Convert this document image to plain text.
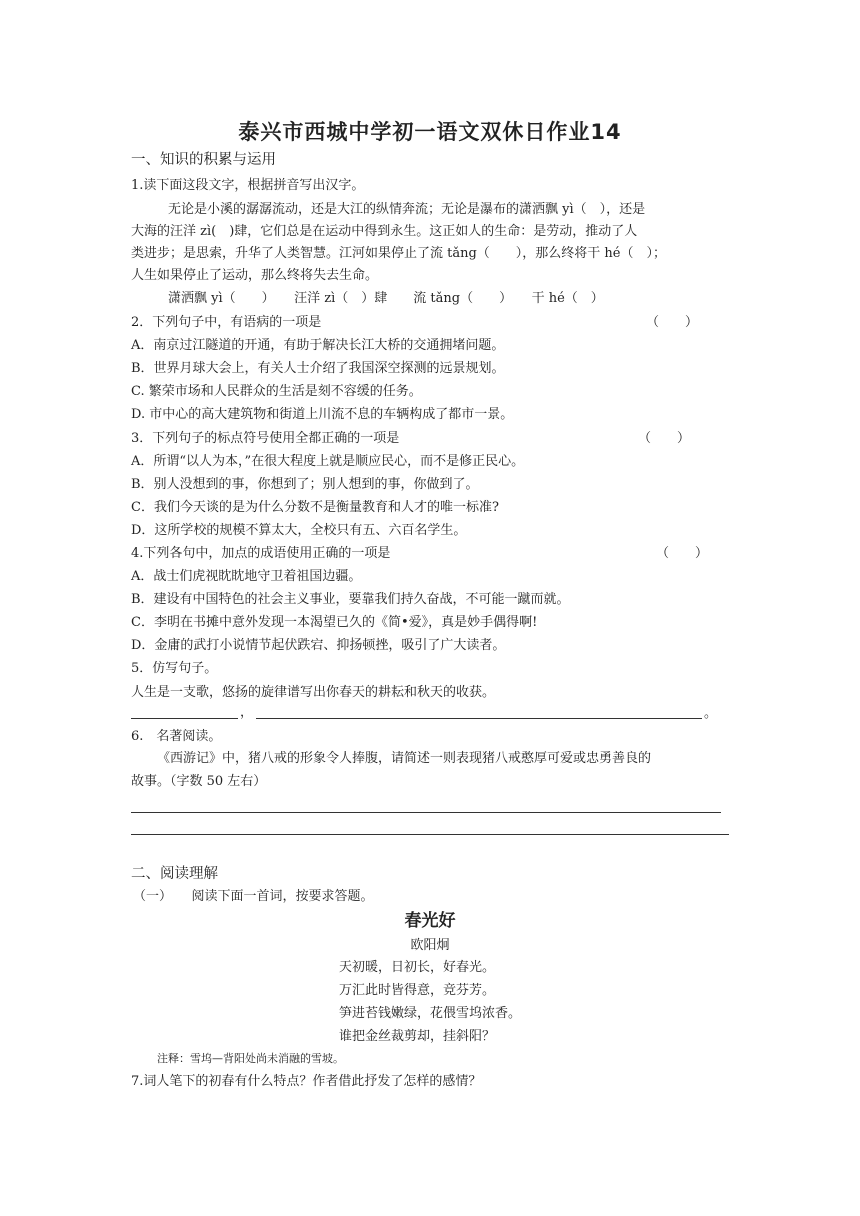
泰兴市西城中学初一语文双休日作业14
一、知识的积累与运用
1.读下面这段文字，根据拼音写出汉字。
无论是小溪的潺潺流动，还是大江的纵情奔流；无论是瀑布的潇洒飘 yì（　），还是
大海的汪洋 zì(　)肆，它们总是在运动中得到永生。这正如人的生命：是劳动，推动了人
类进步；是思索，升华了人类智慧。江河如果停止了流 tǎng（　　），那么终将干 hé（　）；
人生如果停止了运动，那么终将失去生命。
潇洒飘 yì（　　）　　汪洋 zì（　）肆　　流 tǎng（　　）　　干 hé（　）
2．下列句子中，有语病的一项是	（　　）
A．南京过江隧道的开通，有助于解决长江大桥的交通拥堵问题。
B．世界月球大会上，有关人士介绍了我国深空探测的远景规划。
C. 繁荣市场和人民群众的生活是刻不容缓的任务。
D. 市中心的高大建筑物和街道上川流不息的车辆构成了都市一景。
3．下列句子的标点符号使用全都正确的一项是	（　　）
A．所谓“以人为本，”在很大程度上就是顺应民心，而不是修正民心。
B．别人没想到的事，你想到了；别人想到的事，你做到了。
C．我们今天谈的是为什么分数不是衡量教育和人才的唯一标准?
D．这所学校的规模不算太大，全校只有五、六百名学生。
4.下列各句中，加点的成语使用正确的一项是	（　　）
A．战士们虎视眈眈地守卫着祖国边疆。
B．建设有中国特色的社会主义事业，要靠我们持久奋战，不可能一蹴而就。
C．李明在书摊中意外发现一本渴望已久的《简•爱》，真是妙手偶得啊!
D．金庸的武打小说情节起伏跌宕、抑扬顿挫，吸引了广大读者。
5．仿写句子。
人生是一支歌，悠扬的旋律谱写出你春天的耕耘和秋天的收获。
，	。
6.　名著阅读。
《西游记》中，猪八戒的形象令人捧腹，请简述一则表现猪八戒憨厚可爱或忠勇善良的
故事。（字数 50 左右）
二、阅读理解
（一）　　阅读下面一首词，按要求答题。
春光好
欧阳炯
天初暖，日初长，好春光。
万汇此时皆得意，竞芬芳。
笋进苔钱嫩绿，花偎雪坞浓香。
谁把金丝裁剪却，挂斜阳？
注释：雪坞—背阳处尚未消融的雪坡。
7.词人笔下的初春有什么特点？作者借此抒发了怎样的感情？
